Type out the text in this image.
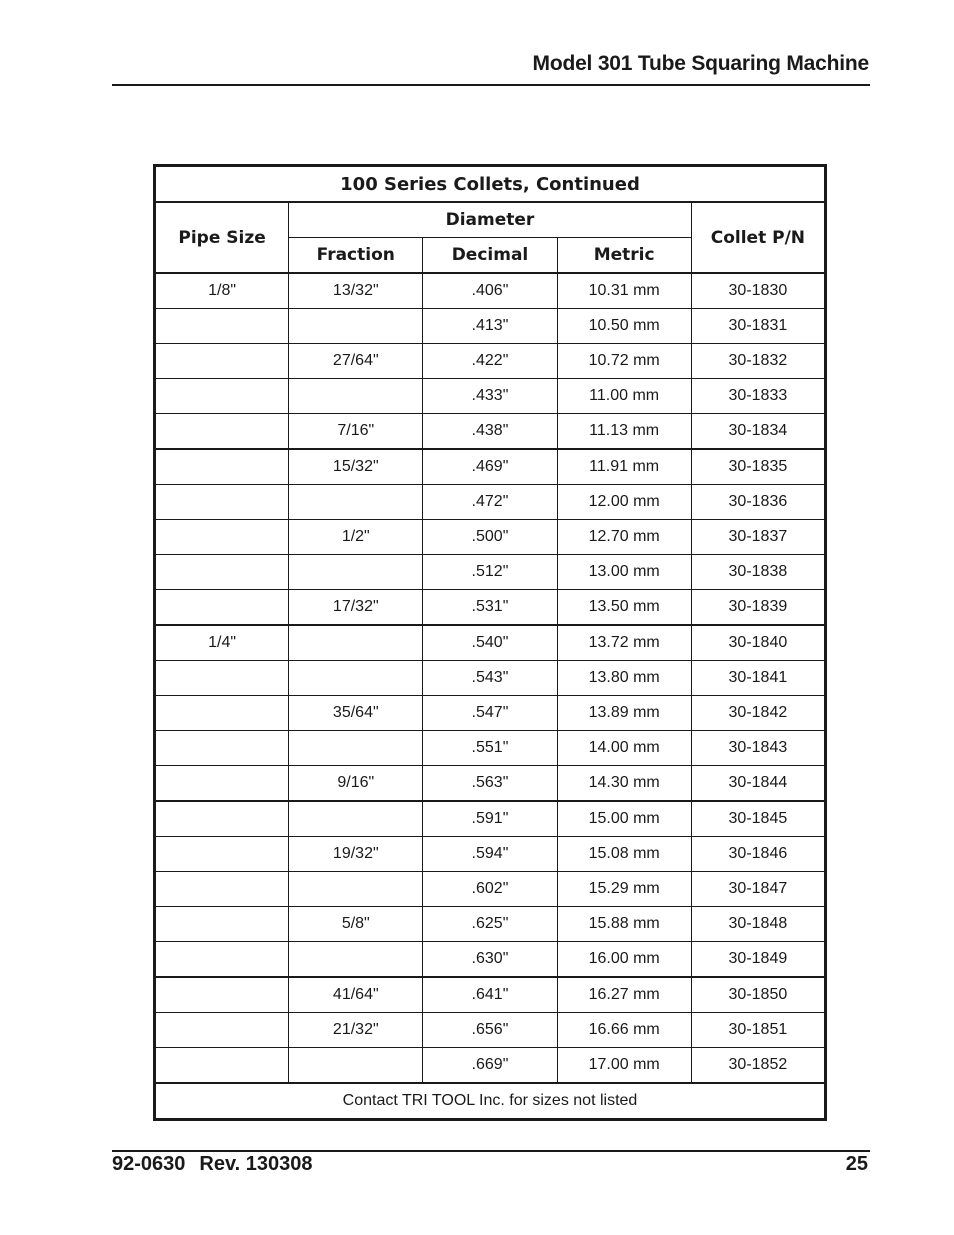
Model 301 Tube Squaring Machine
100 Series Collets, Continued				
Pipe Size	Diameter			Collet P/N
	Fraction	Decimal	Metric	
1/8"	13/32"	.406"	10.31 mm	30-1830
		.413"	10.50 mm	30-1831
	27/64"	.422"	10.72 mm	30-1832
		.433"	11.00 mm	30-1833
	7/16"	.438"	11.13 mm	30-1834
	15/32"	.469"	11.91 mm	30-1835
		.472"	12.00 mm	30-1836
	1/2"	.500"	12.70 mm	30-1837
		.512"	13.00 mm	30-1838
	17/32"	.531"	13.50 mm	30-1839
1/4"		.540"	13.72 mm	30-1840
		.543"	13.80 mm	30-1841
	35/64"	.547"	13.89 mm	30-1842
		.551"	14.00 mm	30-1843
	9/16"	.563"	14.30 mm	30-1844
		.591"	15.00 mm	30-1845
	19/32"	.594"	15.08 mm	30-1846
		.602"	15.29 mm	30-1847
	5/8"	.625"	15.88 mm	30-1848
		.630"	16.00 mm	30-1849
	41/64"	.641"	16.27 mm	30-1850
	21/32"	.656"	16.66 mm	30-1851
		.669"	17.00 mm	30-1852
Contact TRI TOOL Inc. for sizes not listed				
92-0630 Rev. 130308	25
